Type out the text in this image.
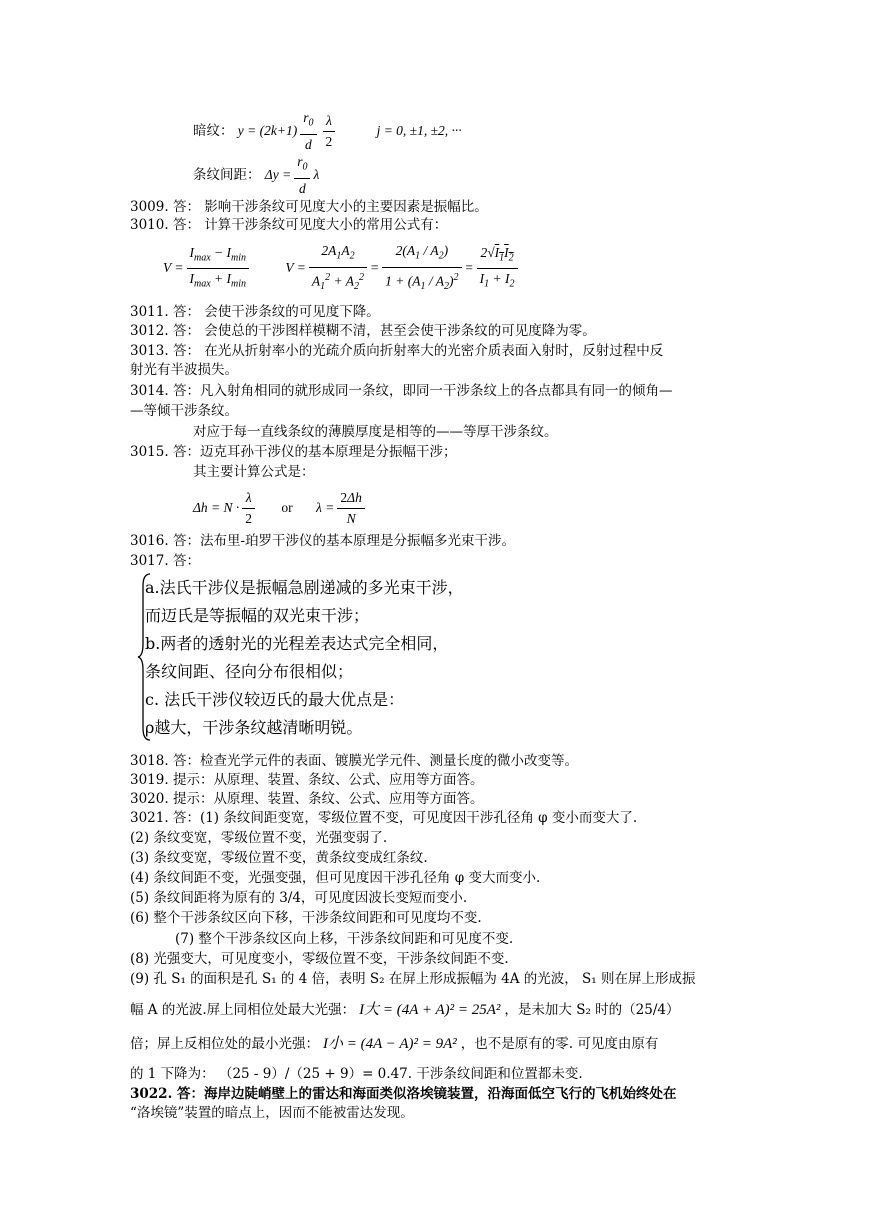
暗纹： $y = (2k+1) \frac{r_0}{d} \frac{\lambda}{2}$	j = 0, ±1, ±2, ···
条纹间距： $\Delta y = \frac{r_0}{d}$ λ
3009. 答： 影响干涉条纹可见度大小的主要因素是振幅比。
3010. 答： 计算干涉条纹可见度大小的常用公式有：
$V = \frac{I_{max} - I_{min}}{I_{max} + I_{min}}$	$V = \frac{2A_1A_2}{A_1^2 + A_2^2} = \frac{2(A_1 / A_2)}{1 + (A_1 / A_2)^2} = \frac{2√I_1I_2}{I_1 + I_2}$
3011. 答： 会使干涉条纹的可见度下降。
3012. 答： 会使总的干涉图样模糊不清，甚至会使干涉条纹的可见度降为零。
3013. 答： 在光从折射率小的光疏介质向折射率大的光密介质表面入射时，反射过程中反
射光有半波损失。
3014. 答：凡入射角相同的就形成同一条纹，即同一干涉条纹上的各点都具有同一的倾角—
—等倾干涉条纹。
对应于每一直线条纹的薄膜厚度是相等的——等厚干涉条纹。
3015. 答：迈克耳孙干涉仪的基本原理是分振幅干涉；
其主要计算公式是：
$\Delta h = N \cdot \frac{\lambda}{2}$ or $\lambda = \frac{2\Delta h}{N}$
3016. 答：法布里-珀罗干涉仪的基本原理是分振幅多光束干涉。
3017. 答：
a.法氏干涉仪是振幅急剧递减的多光束干涉，
而迈氏是等振幅的双光束干涉；
b.两者的透射光的光程差表达式完全相同，
条纹间距、径向分布很相似；
c. 法氏干涉仪较迈氏的最大优点是：
ρ越大，干涉条纹越清晰明锐。
3018. 答：检查光学元件的表面、镀膜光学元件、测量长度的微小改变等。
3019. 提示：从原理、装置、条纹、公式、应用等方面答。
3020. 提示：从原理、装置、条纹、公式、应用等方面答。
3021. 答：(1) 条纹间距变宽，零级位置不变，可见度因干涉孔径角 φ 变小而变大了.
(2) 条纹变宽，零级位置不变，光强变弱了.
(3) 条纹变宽，零级位置不变，黄条纹变成红条纹.
(4) 条纹间距不变，光强变强，但可见度因干涉孔径角 φ 变大而变小.
(5) 条纹间距将为原有的 3/4，可见度因波长变短而变小.
(6) 整个干涉条纹区向下移，干涉条纹间距和可见度均不变.
(7) 整个干涉条纹区向上移，干涉条纹间距和可见度不变.
(8) 光强变大，可见度变小，零级位置不变，干涉条纹间距不变.
(9) 孔 S₁ 的面积是孔 S₁ 的 4 倍，表明 S₂ 在屏上形成振幅为 4A 的光波， S₁ 则在屏上形成振
幅 A 的光波.屏上同相位处最大光强： I大 = (4A + A)² = 25A² ，是未加大 S₂ 时的（25/4）
倍；屏上反相位处的最小光强： I小 = (4A − A)² = 9A² ，也不是原有的零. 可见度由原有
的 1 下降为： （25 - 9）/（25 + 9）= 0.47. 干涉条纹间距和位置都未变.
3022. 答：海岸边陡峭壁上的雷达和海面类似洛埃镜装置，沿海面低空飞行的飞机始终处在
“洛埃镜”装置的暗点上，因而不能被雷达发现。
